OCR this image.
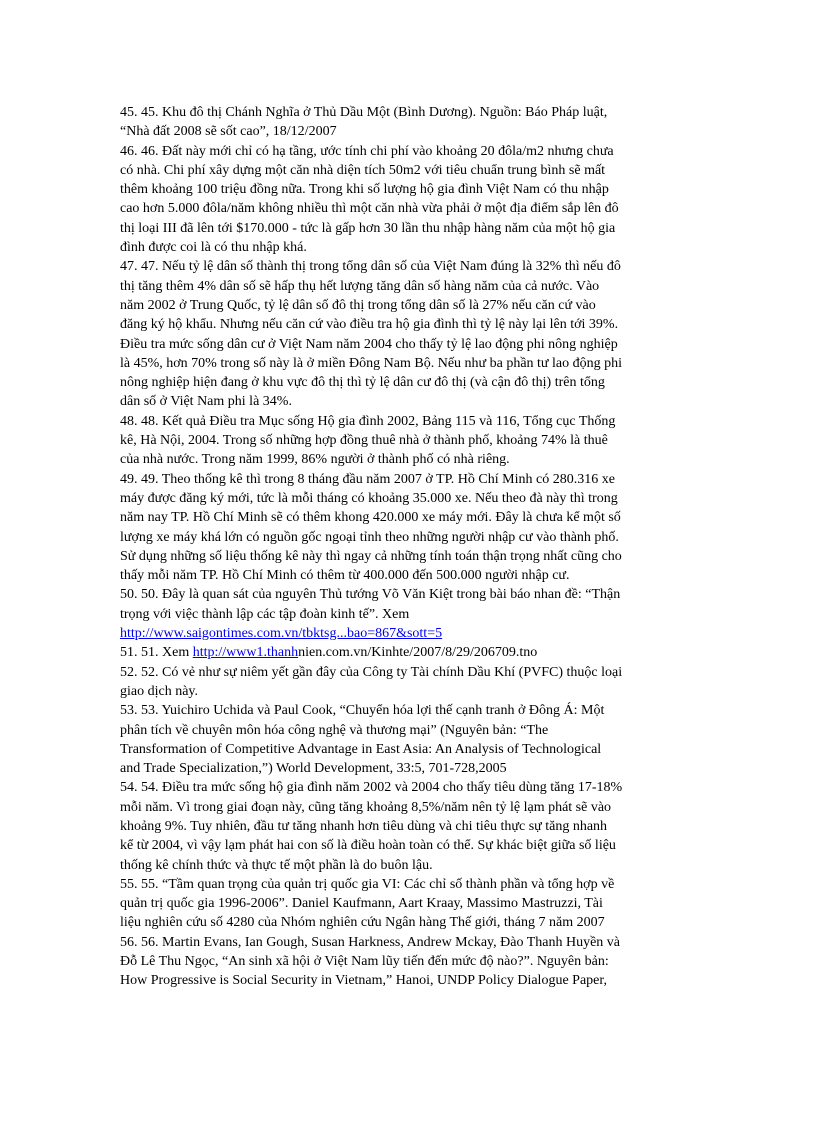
45. 45. Khu đô thị Chánh Nghĩa ở Thủ Dầu Một (Bình Dương). Nguồn: Báo Pháp luật,
“Nhà đất 2008 sẽ sốt cao”, 18/12/2007

46. 46. Đất này mới chỉ có hạ tầng, ước tính chi phí vào khoảng 20 đôla/m2 nhưng chưa
có nhà. Chi phí xây dựng một căn nhà diện tích 50m2 với tiêu chuẩn trung bình sẽ mất
thêm khoảng 100 triệu đồng nữa. Trong khi số lượng hộ gia đình Việt Nam có thu nhập
cao hơn 5.000 đôla/năm không nhiều thì một căn nhà vừa phải ở một địa điểm sắp lên đô
thị loại III đã lên tới $170.000 - tức là gấp hơn 30 lần thu nhập hàng năm của một hộ gia
đình được coi là có thu nhập khá.

47. 47. Nếu tỷ lệ dân số thành thị trong tổng dân số của Việt Nam đúng là 32% thì nếu đô
thị tăng thêm 4% dân số sẽ hấp thụ hết lượng tăng dân số hàng năm của cả nước. Vào
năm 2002 ở Trung Quốc, tỷ lệ dân số đô thị trong tổng dân số là 27% nếu căn cứ vào
đăng ký hộ khẩu. Nhưng nếu căn cứ vào điều tra hộ gia đình thì tỷ lệ này lại lên tới 39%.
Điều tra mức sống dân cư ở Việt Nam năm 2004 cho thấy tỷ lệ lao động phi nông nghiệp
là 45%, hơn 70% trong số này là ở miền Đông Nam Bộ. Nếu như ba phần tư lao động phi
nông nghiệp hiện đang ở khu vực đô thị thì tỷ lệ dân cư đô thị (và cận đô thị) trên tổng
dân số ở Việt Nam phi là 34%.

48. 48. Kết quả Điều tra Mục sống Hộ gia đình 2002, Bảng 115 và 116, Tổng cục Thống
kê, Hà Nội, 2004. Trong số những hợp đồng thuê nhà ở thành phố, khoảng 74% là thuê
của nhà nước. Trong năm 1999, 86% người ở thành phố có nhà riêng.

49. 49. Theo thống kê thì trong 8 tháng đầu năm 2007 ở TP. Hồ Chí Minh có 280.316 xe
máy được đăng ký mới, tức là mỗi tháng có khoảng 35.000 xe. Nếu theo đà này thì trong
năm nay TP. Hồ Chí Minh sẽ có thêm khong 420.000 xe máy mới. Đây là chưa kể một số
lượng xe máy khá lớn có nguồn gốc ngoại tỉnh theo những người nhập cư vào thành phố.
Sử dụng những số liệu thống kê này thì ngay cả những tính toán thận trọng nhất cũng cho
thấy mỗi năm TP. Hồ Chí Minh có thêm từ 400.000 đến 500.000 người nhập cư.

50. 50. Đây là quan sát của nguyên Thủ tướng Võ Văn Kiệt trong bài báo nhan đề: “Thận
trọng với việc thành lập các tập đoàn kinh tế”. Xem
http://www.saigontimes.com.vn/tbktsg...bao=867&sott=5

51. 51. Xem http://www1.thanhnien.com.vn/Kinhte/2007/8/29/206709.tno

52. 52. Có vẻ như sự niêm yết gần đây của Công ty Tài chính Dầu Khí (PVFC) thuộc loại
giao dịch này.

53. 53. Yuichiro Uchida và Paul Cook, “Chuyển hóa lợi thế cạnh tranh ở Đông Á: Một
phân tích về chuyên môn hóa công nghệ và thương mại” (Nguyên bản: “The
Transformation of Competitive Advantage in East Asia: An Analysis of Technological
and Trade Specialization,”) World Development, 33:5, 701-728,2005

54. 54. Điều tra mức sống hộ gia đình năm 2002 và 2004 cho thấy tiêu dùng tăng 17-18%
mỗi năm. Vì trong giai đoạn này, cũng tăng khoảng 8,5%/năm nên tỷ lệ lạm phát sẽ vào
khoảng 9%. Tuy nhiên, đầu tư tăng nhanh hơn tiêu dùng và chi tiêu thực sự tăng nhanh
kể từ 2004, vì vậy lạm phát hai con số là điều hoàn toàn có thể. Sự khác biệt giữa số liệu
thống kê chính thức và thực tế một phần là do buôn lậu.

55. 55. “Tầm quan trọng của quản trị quốc gia VI: Các chỉ số thành phần và tổng hợp về
quản trị quốc gia 1996-2006”. Daniel Kaufmann, Aart Kraay, Massimo Mastruzzi, Tài
liệu nghiên cứu số 4280 của Nhóm nghiên cứu Ngân hàng Thế giới, tháng 7 năm 2007

56. 56. Martin Evans, Ian Gough, Susan Harkness, Andrew Mckay, Đào Thanh Huyền và
Đỗ Lê Thu Ngọc, “An sinh xã hội ở Việt Nam lũy tiến đến mức độ nào?”. Nguyên bản:
How Progressive is Social Security in Vietnam,” Hanoi, UNDP Policy Dialogue Paper,
